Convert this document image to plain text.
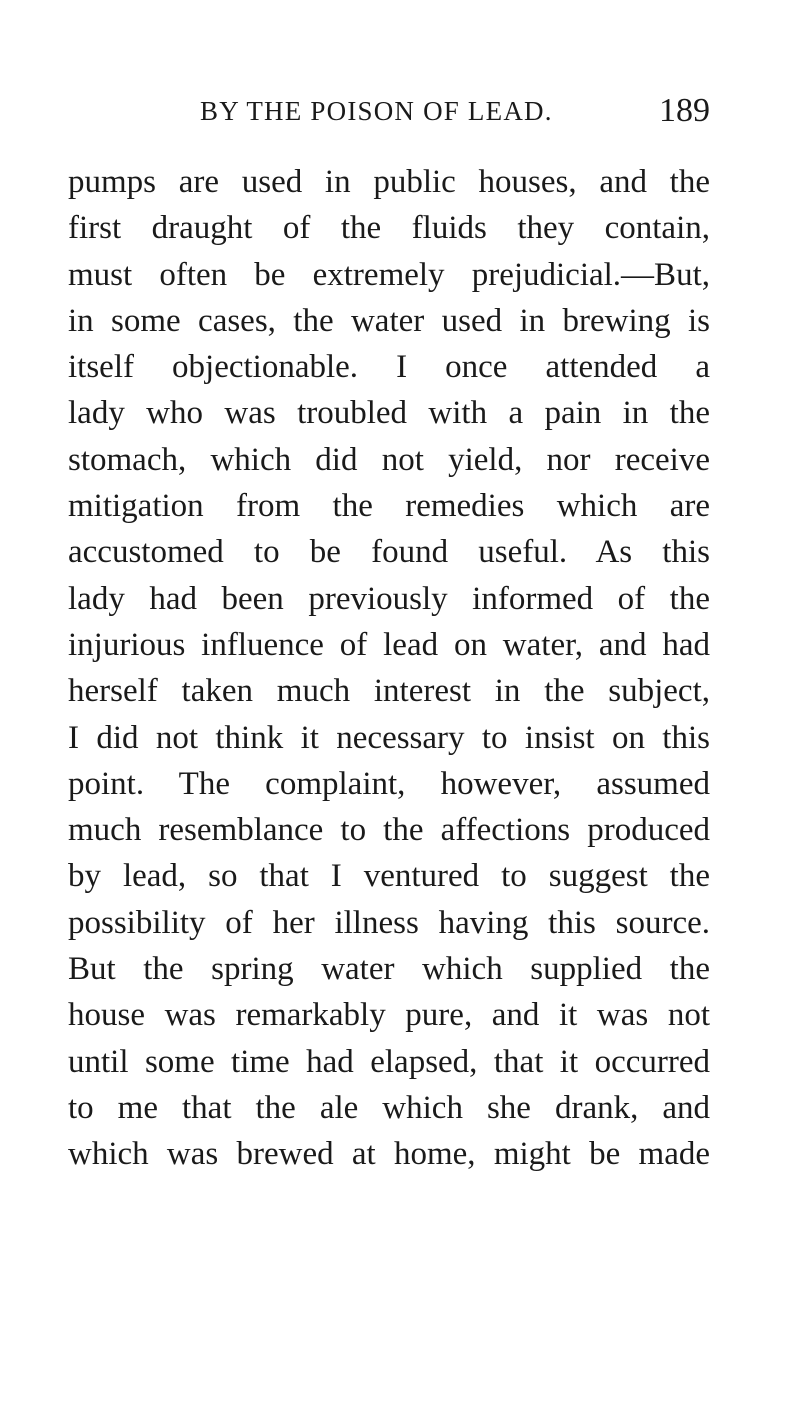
BY THE POISON OF LEAD.	189
pumps are used in public houses, and the
first draught of the fluids they contain,
must often be extremely prejudicial.—But,
in some cases, the water used in brewing is
itself objectionable. I once attended a
lady who was troubled with a pain in the
stomach, which did not yield, nor receive
mitigation from the remedies which are
accustomed to be found useful. As this
lady had been previously informed of the
injurious influence of lead on water, and had
herself taken much interest in the subject,
I did not think it necessary to insist on this
point. The complaint, however, assumed
much resemblance to the affections produced
by lead, so that I ventured to suggest the
possibility of her illness having this source.
But the spring water which supplied the
house was remarkably pure, and it was not
until some time had elapsed, that it occurred
to me that the ale which she drank, and
which was brewed at home, might be made
